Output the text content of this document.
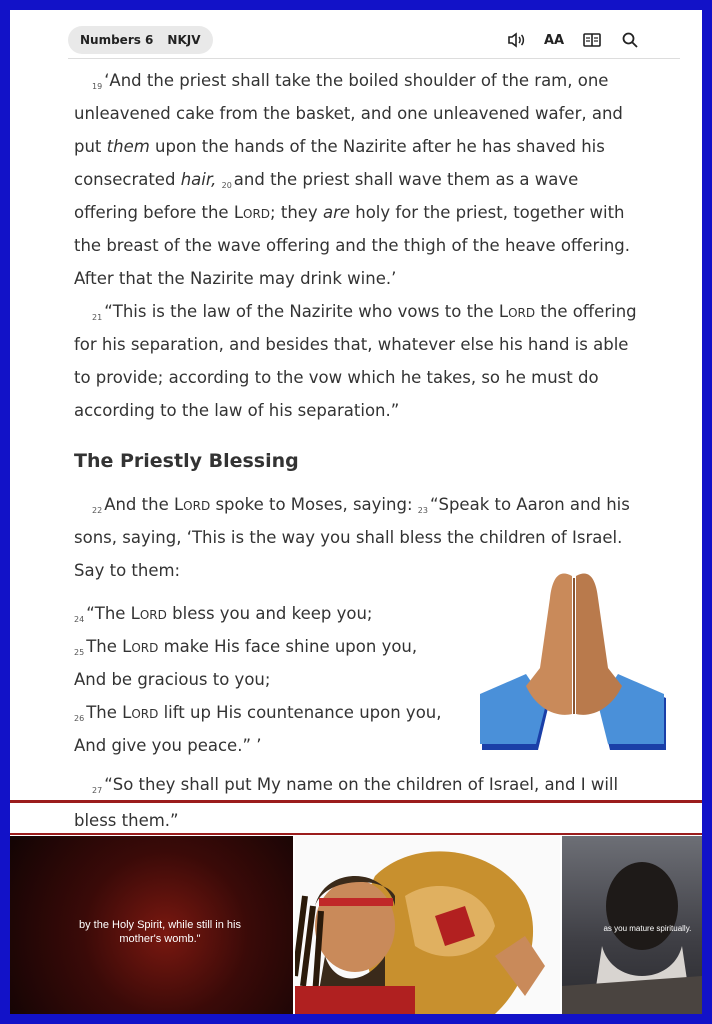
Numbers 6 NKJV	AA

$^{19}$ ‘And the priest shall take the boiled shoulder of the ram, one unleavened cake from the basket, and one unleavened wafer, and put them upon the hands of the Nazirite after he has shaved his consecrated hair, $^{20}$ and the priest shall wave them as a wave offering before the Lord; they are holy for the priest, together with the breast of the wave offering and the thigh of the heave offering. After that the Nazirite may drink wine.’

$^{21}$ “This is the law of the Nazirite who vows to the Lord the offering for his separation, and besides that, whatever else his hand is able to provide; according to the vow which he takes, so he must do according to the law of his separation.”

The Priestly Blessing

$^{22}$ And the Lord spoke to Moses, saying: $^{23}$ “Speak to Aaron and his sons, saying, ‘This is the way you shall bless the children of Israel. Say to them:

$^{24}$ “The Lord bless you and keep you;

$^{25}$ The Lord make His face shine upon you,

And be gracious to you;

$^{26}$ The Lord lift up His countenance upon you,

And give you peace.” ’

$^{27}$ “So they shall put My name on the children of Israel, and I will

bless them.”
by the Holy Spirit, while still in his mother's womb."
as you mature spiritually.
